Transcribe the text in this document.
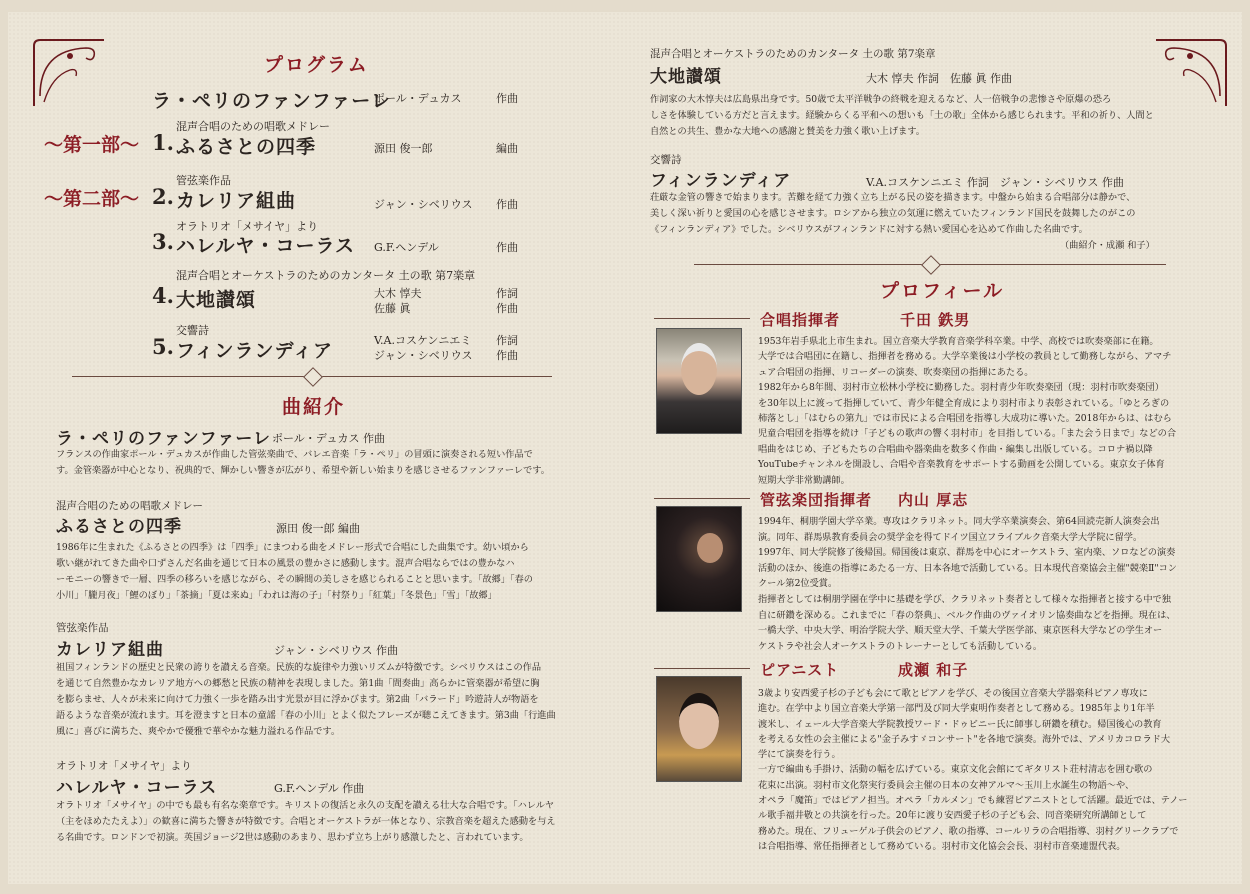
プログラム
ラ・ペリのファンファーレ
ポール・デュカス	作曲
〜第一部〜
〜第二部〜
混声合唱のための唱歌メドレー
1. ふるさとの四季	源田 俊一郎	編曲
管弦楽作品
2. カレリア組曲	ジャン・シベリウス 作曲
オラトリオ「メサイヤ」より
3. ハレルヤ・コーラス G.F.ヘンデル	作曲
混声合唱とオーケストラのためのカンタータ 土の歌 第7楽章
4. 大地讃頌	大木 惇夫	作詞
佐藤 眞	作曲
交響詩
5. フィンランディア	V.A.コスケンニエミ 作詞
ジャン・シベリウス 作曲
曲紹介
ラ・ペリのファンファーレ ポール・デュカス 作曲
フランスの作曲家ポール・デュカスが作曲した管弦楽曲で、バレエ音楽「ラ・ペリ」の冒頭に演奏される短い作品で
す。金管楽器が中心となり、祝典的で、輝かしい響きが広がり、希望や新しい始まりを感じさせるファンファーレです。
混声合唱のための唱歌メドレー
ふるさとの四季	源田 俊一郎 編曲
1986年に生まれた《ふるさとの四季》は「四季」にまつわる曲をメドレー形式で合唱にした曲集です。幼い頃から
歌い継がれてきた曲や口ずさんだ名曲を通じて日本の風景の豊かさに感動します。混声合唱ならではの豊かなハ
ーモニーの響きで一層、四季の移ろいを感じながら、その瞬間の美しさを感じられることと思います。「故郷」「春の
小川」「朧月夜」「鯉のぼり」「茶摘」「夏は来ぬ」「われは海の子」「村祭り」「紅葉」「冬景色」「雪」「故郷」
管弦楽作品
カレリア組曲	ジャン・シベリウス 作曲
祖国フィンランドの歴史と民衆の誇りを讃える音楽。民族的な旋律や力強いリズムが特徴です。シベリウスはこの作品
を通じて自然豊かなカレリア地方への郷愁と民族の精神を表現しました。第1曲「間奏曲」高らかに管楽器が希望に胸
を膨らませ、人々が未来に向けて力強く一歩を踏み出す光景が目に浮かびます。第2曲「バラード」吟遊詩人が物語を
語るような音楽が流れます。耳を澄ますと日本の童謡「春の小川」とよく似たフレーズが聴こえてきます。第3曲「行進曲
風に」喜びに満ちた、爽やかで優雅で華やかな魅力溢れる作品です。
オラトリオ「メサイヤ」より
ハレルヤ・コーラス	G.F.ヘンデル 作曲
オラトリオ「メサイヤ」の中でも最も有名な楽章です。キリストの復活と永久の支配を讃える壮大な合唱です。「ハレルヤ
（主をほめたたえよ）」の歓喜に満ちた響きが特徴です。合唱とオーケストラが一体となり、宗教音楽を超えた感動を与え
る名曲です。ロンドンで初演。英国ジョージ2世は感動のあまり、思わず立ち上がり感激したと、言われています。
混声合唱とオーケストラのためのカンタータ 土の歌 第7楽章
大地讃頌	大木 惇夫 作詞　佐藤 眞 作曲
作詞家の大木惇夫は広島県出身です。50歳で太平洋戦争の終戦を迎えるなど、人一倍戦争の悲惨さや原爆の恐ろ
しさを体験している方だと言えます。経験からくる平和への想いも「土の歌」全体から感じられます。平和の祈り、人間と
自然との共生、豊かな大地への感謝と賛美を力強く歌い上げます。
交響詩
フィンランディア	V.A.コスケンニエミ 作詞　ジャン・シベリウス 作曲
荘厳な金管の響きで始まります。苦難を経て力強く立ち上がる民の姿を描きます。中盤から始まる合唱部分は静かで、
美しく深い祈りと愛国の心を感じさせます。ロシアから独立の気運に燃えていたフィンランド国民を鼓舞したのがこの
《フィンランディア》でした。シベリウスがフィンランドに対する熱い愛国心を込めて作曲した名曲です。
（曲紹介・成瀬 和子）
プロフィール
合唱指揮者	千田 鉄男
1953年岩手県北上市生まれ。国立音楽大学教育音楽学科卒業。中学、高校では吹奏楽部に在籍。
大学では合唱団に在籍し、指揮者を務める。大学卒業後は小学校の教員として勤務しながら、アマチ
ュア合唱団の指揮、リコーダーの演奏、吹奏楽団の指揮にあたる。
1982年から8年間、羽村市立松林小学校に勤務した。羽村青少年吹奏楽団（現：羽村市吹奏楽団）
を30年以上に渡って指揮していて、青少年健全育成により羽村市より表彰されている。「ゆとろぎの
柿落とし」「はむらの第九」では市民による合唱団を指導し大成功に導いた。2018年からは、はむら
児童合唱団を指導を続け「子どもの歌声の響く羽村市」を目指している。「また会う日まで」などの合
唱曲をはじめ、子どもたちの合唱曲や器楽曲を数多く作曲・編集し出版している。コロナ禍以降
YouTubeチャンネルを開設し、合唱や音楽教育をサポートする動画を公開している。東京女子体育
短期大学非常勤講師。
管弦楽団指揮者 内山 厚志
1994年、桐朋学園大学卒業。専攻はクラリネット。同大学卒業演奏会、第64回読売新人演奏会出
演。同年、群馬県教育委員会の奨学金を得てドイツ国立フライブルク音楽大学大学院に留学。
1997年、同大学院修了後帰国。帰国後は東京、群馬を中心にオーケストラ、室内楽、ソロなどの演奏
活動のほか、後進の指導にあたる一方、日本各地で活動している。日本現代音楽協会主催"競楽Ⅱ"コン
クール第2位受賞。
指揮者としては桐朋学園在学中に基礎を学び、クラリネット奏者として様々な指揮者と接する中で独
自に研鑽を深める。これまでに「春の祭典」、ベルク作曲のヴァイオリン協奏曲などを指揮。現在は、
一橋大学、中央大学、明治学院大学、順天堂大学、千葉大学医学部、東京医科大学などの学生オー
ケストラや社会人オーケストラのトレーナーとしても活動している。
ピアニスト	成瀬 和子
3歳より安西愛子杉の子ども会にて歌とピアノを学び、その後国立音楽大学器楽科ピアノ専攻に
進む。在学中より国立音楽大学第一部門及び同大学東明作奏者として務める。1985年より1年半
渡米し、イェール大学音楽大学院教授ワード・ドゥビニー氏に師事し研鑽を積む。帰国後心の教育
を考える女性の会主催による"金子みすゞコンサート"を各地で演奏。海外では、アメリカコロラド大
学にて演奏を行う。
一方で編曲も手掛け、活動の幅を広げている。東京文化会館にてギタリスト荘村清志を囲む歌の
花束に出演。羽村市文化祭実行委員会主催の日本の女神アルマ〜玉川上水誕生の物語〜や、
オペラ「魔笛」ではピアノ担当。オペラ「カルメン」でも練習ピアニストとして活躍。最近では、テノー
ル歌手福井敬との共演を行った。20年に渡り安西愛子杉の子ども会、同音楽研究所講師として
務めた。現在、フリューゲル子供会のピアノ、歌の指導、コールリラの合唱指導、羽村グリークラブで
は合唱指導、常任指揮者として務めている。羽村市文化協会会長、羽村市音楽連盟代表。
